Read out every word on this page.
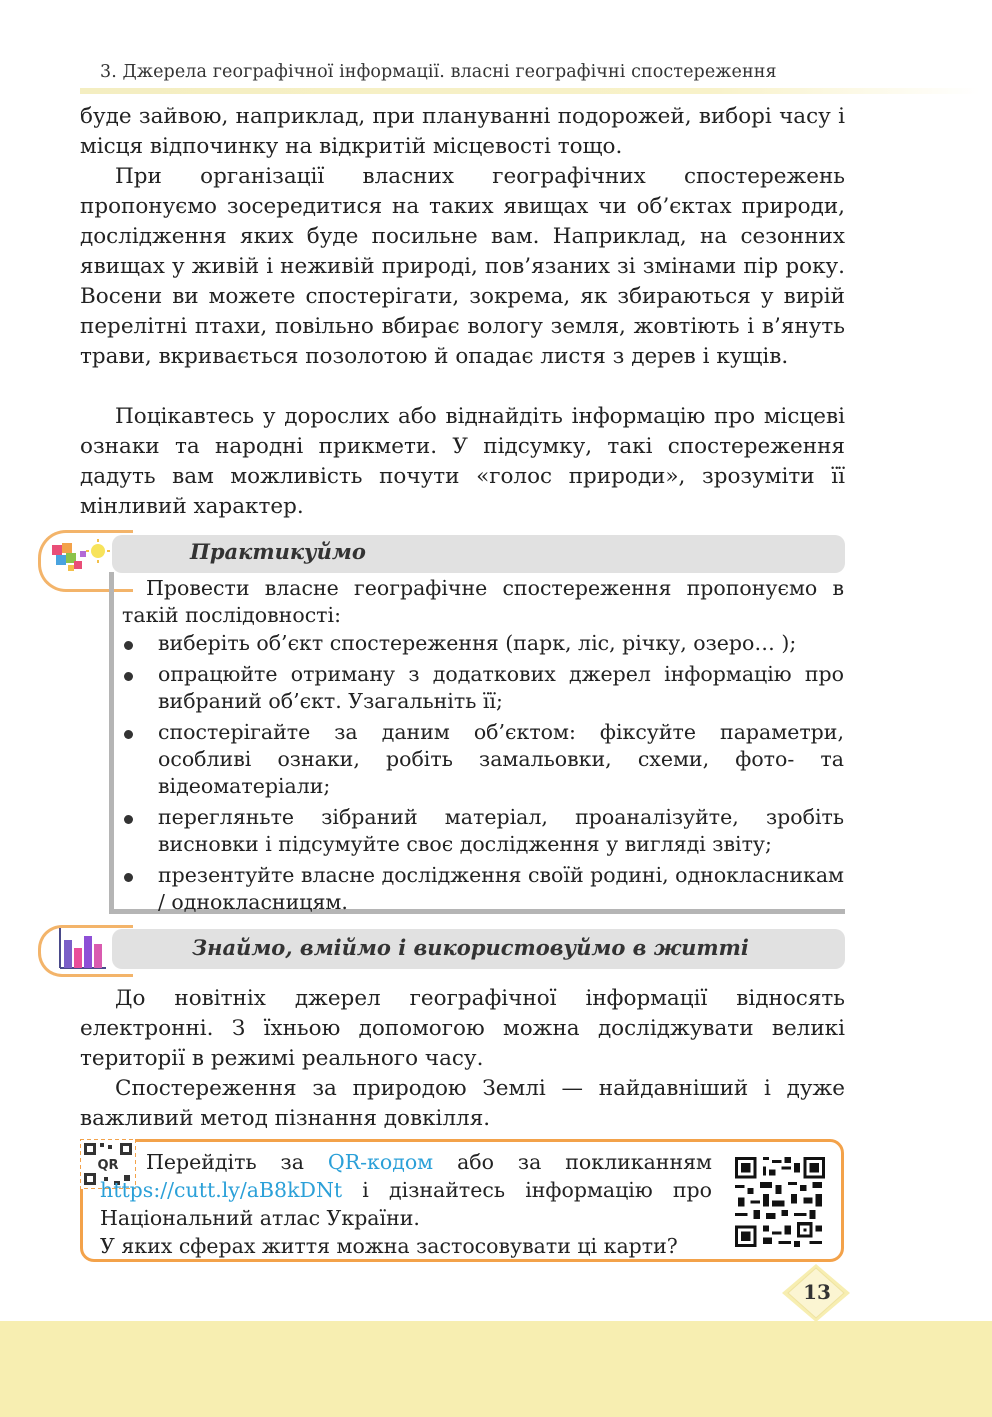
3. Джерела географічної інформації. власні географічні спостереження

буде зайвою, наприклад, при плануванні подорожей, виборі часу і місця відпочинку на відкритій місцевості тощо.

При організації власних географічних спостережень пропонуємо зосередитися на таких явищах чи об’єктах природи, дослідження яких буде посильне вам. Наприклад, на сезонних явищах у живій і неживій природі, пов’язаних зі змінами пір року. Восени ви можете спостерігати, зокрема, як збираються у вирій перелітні птахи, повільно вбирає вологу земля, жовтіють і в’януть трави, вкривається позолотою й опадає листя з дерев і кущів.

Поцікавтесь у дорослих або віднайдіть інформацію про місцеві ознаки та народні прикмети. У підсумку, такі спостереження дадуть вам можливість почути «голос природи», зрозуміти її мінливий характер.

Практикуймо

Провести власне географічне спостереження пропонуємо в такій послідовності:

виберіть об’єкт спостереження (парк, ліс, річку, озеро… );
опрацюйте отриману з додаткових джерел інформацію про вибраний об’єкт. Узагальніть її;
спостерігайте за даним об’єктом: фіксуйте параметри, особливі ознаки, робіть замальовки, схеми, фото- та відеоматеріали;
перегляньте зібраний матеріал, проаналізуйте, зробіть висновки і підсумуйте своє дослідження у вигляді звіту;
презентуйте власне дослідження своїй родині, однокласникам / однокласницям.
Знаймо, вміймо і використовуймо в житті

До новітніх джерел географічної інформації відносять електронні. З їхньою допомогою можна досліджувати великі території в режимі реального часу.

Спостереження за природою Землі — найдавніший і дуже важливий метод пізнання довкілля.

QR	Перейдіть за QR-кодом або за покликанням https://cutt.ly/aB8kDNt і дізнайтесь інформацію про Національний атлас України.
У яких сферах життя можна застосовувати ці карти?

13
